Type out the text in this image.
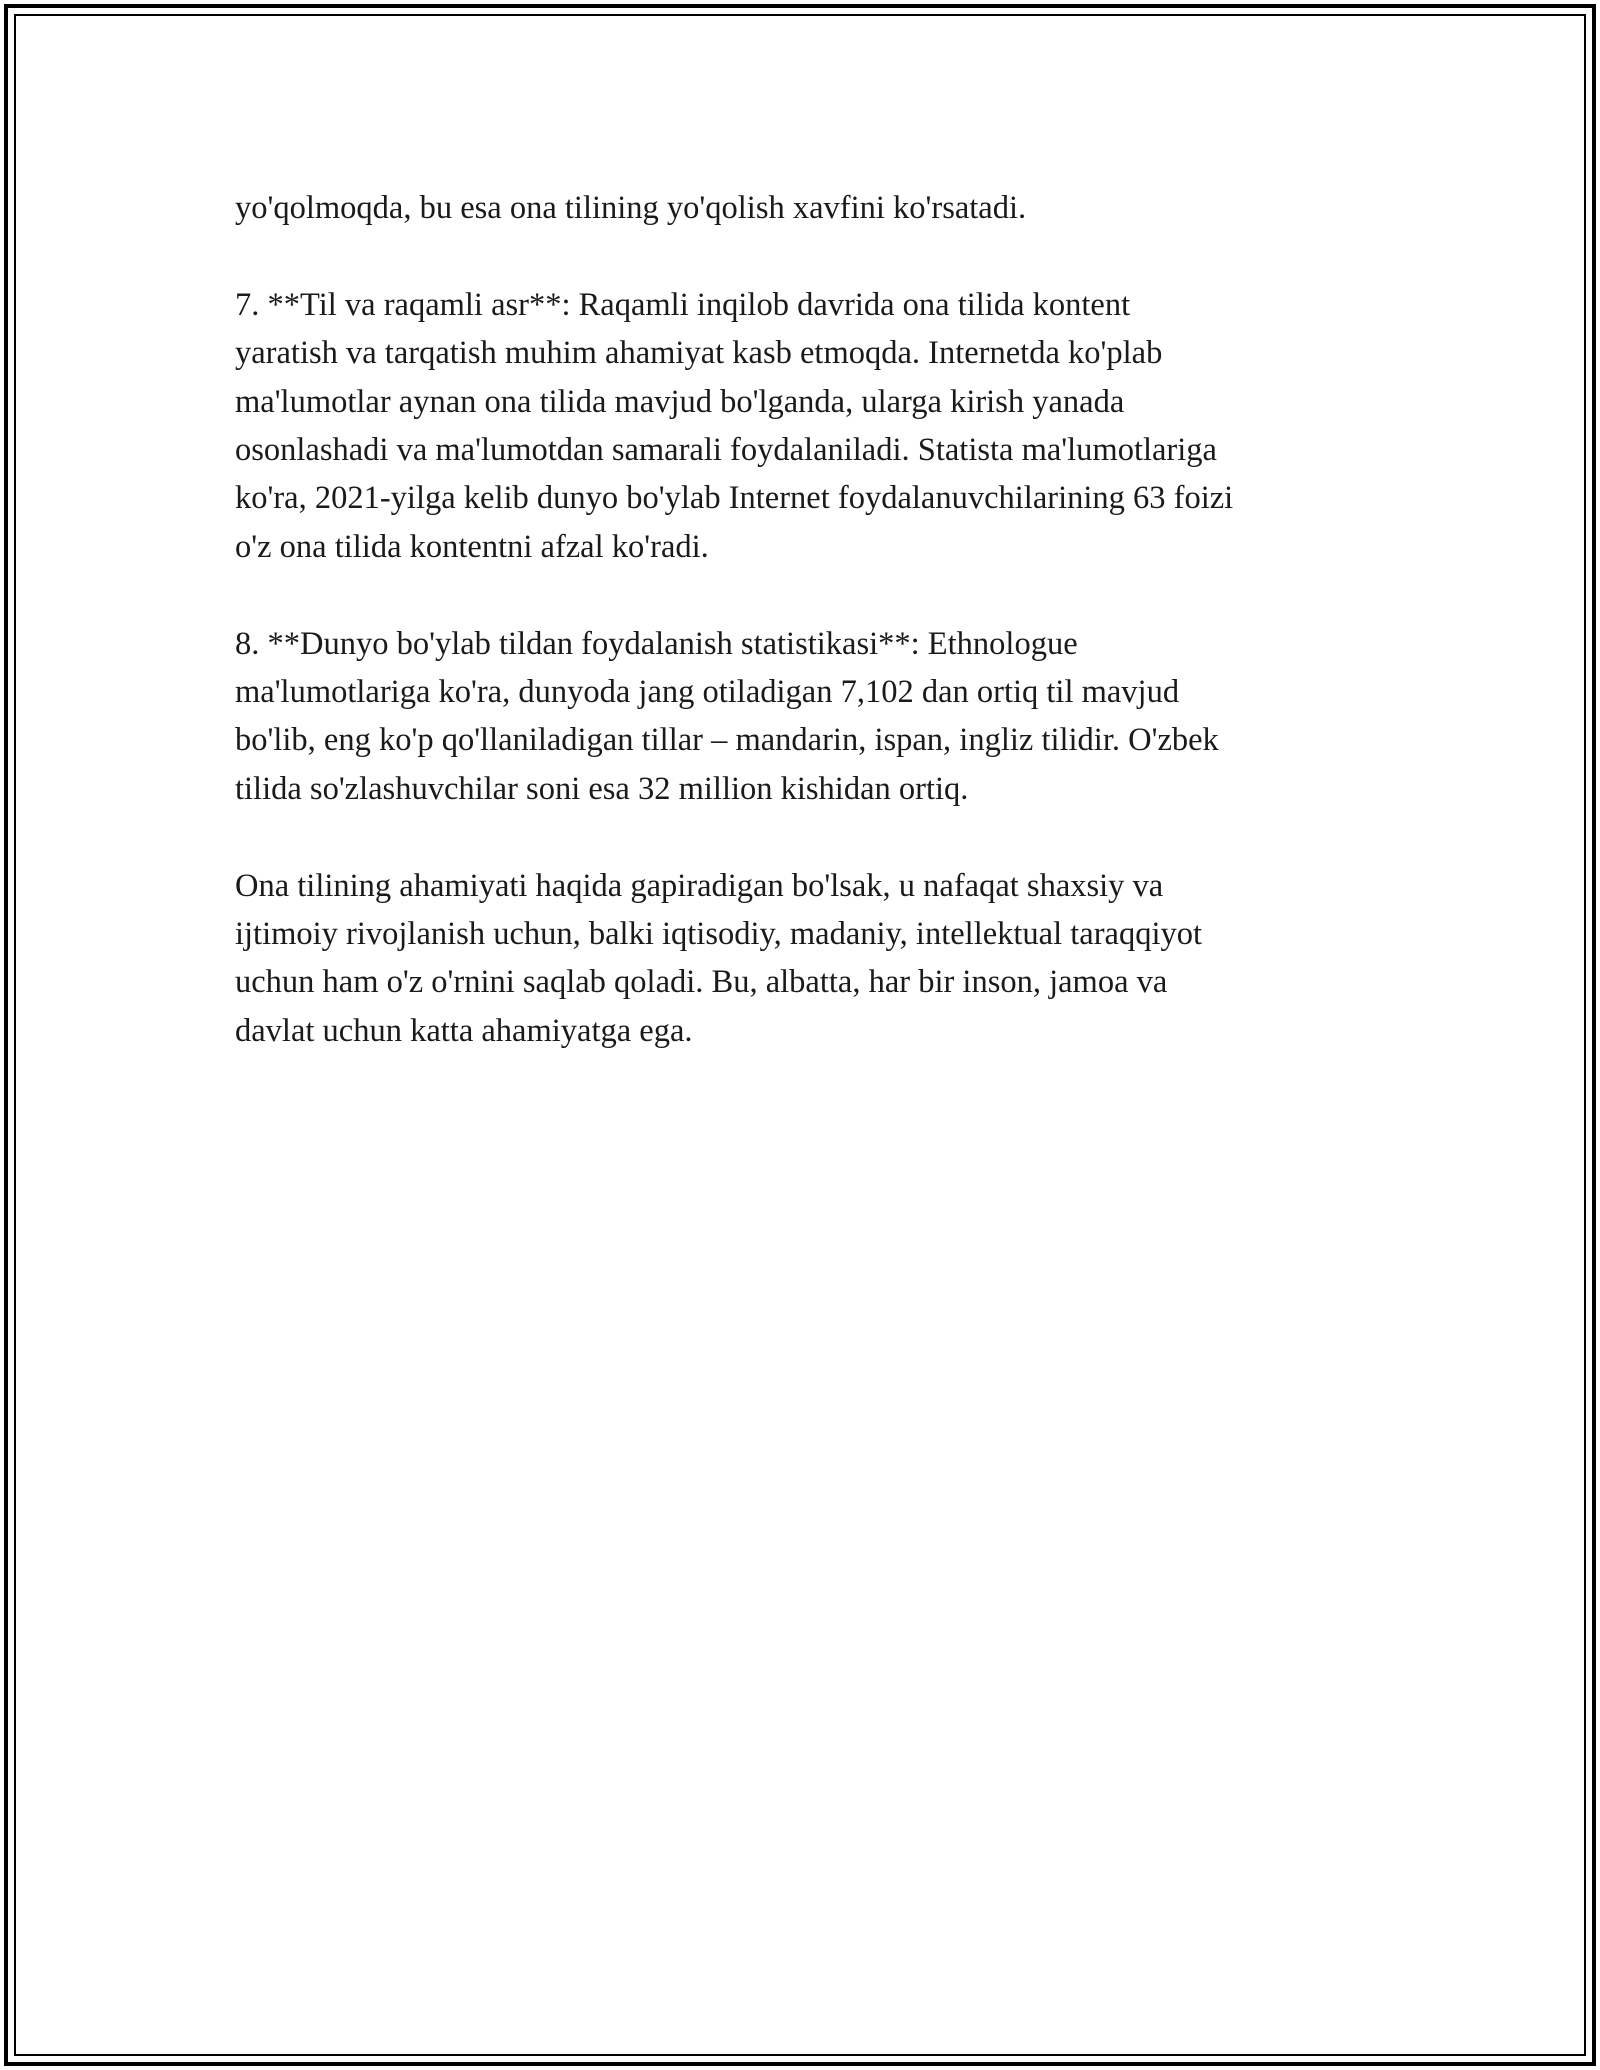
yo'qolmoqda, bu esa ona tilining yo'qolish xavfini ko'rsatadi.

7. **Til va raqamli asr**: Raqamli inqilob davrida ona tilida kontent
yaratish va tarqatish muhim ahamiyat kasb etmoqda. Internetda ko'plab
ma'lumotlar aynan ona tilida mavjud bo'lganda, ularga kirish yanada
osonlashadi va ma'lumotdan samarali foydalaniladi. Statista ma'lumotlariga
ko'ra, 2021-yilga kelib dunyo bo'ylab Internet foydalanuvchilarining 63 foizi
o'z ona tilida kontentni afzal ko'radi.

8. **Dunyo bo'ylab tildan foydalanish statistikasi**: Ethnologue
ma'lumotlariga ko'ra, dunyoda jang otiladigan 7,102 dan ortiq til mavjud
bo'lib, eng ko'p qo'llaniladigan tillar – mandarin, ispan, ingliz tilidir. O'zbek
tilida so'zlashuvchilar soni esa 32 million kishidan ortiq.

Ona tilining ahamiyati haqida gapiradigan bo'lsak, u nafaqat shaxsiy va
ijtimoiy rivojlanish uchun, balki iqtisodiy, madaniy, intellektual taraqqiyot
uchun ham o'z o'rnini saqlab qoladi. Bu, albatta, har bir inson, jamoa va
davlat uchun katta ahamiyatga ega.
